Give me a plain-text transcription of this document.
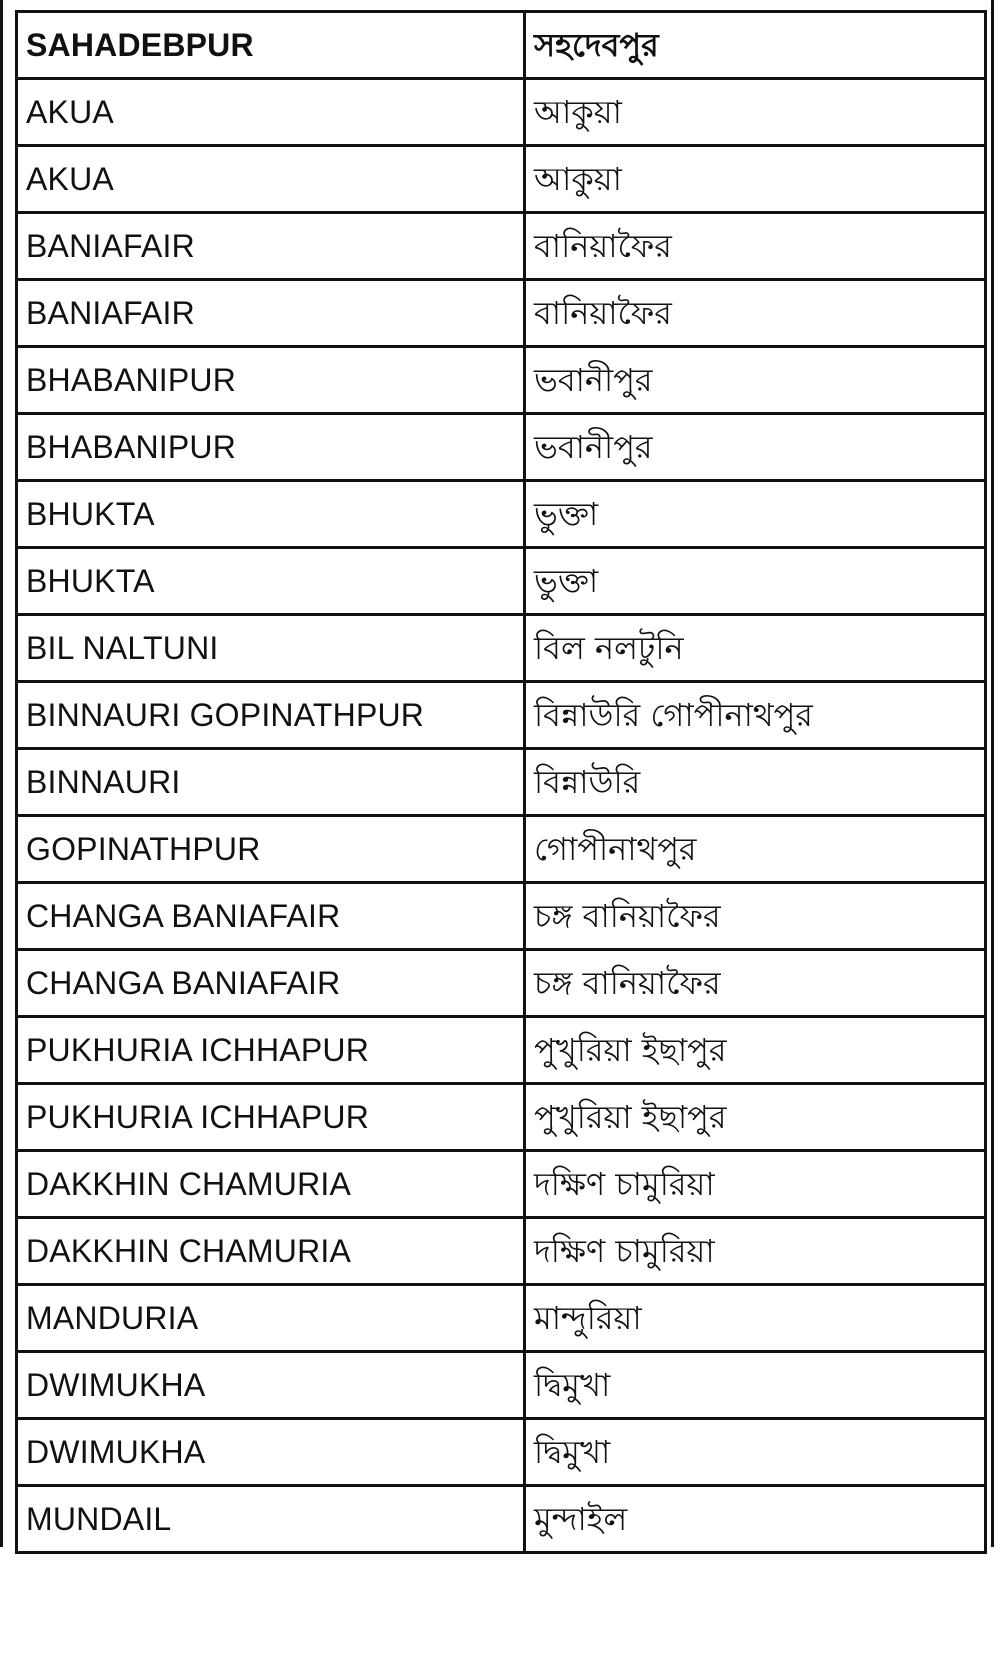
SAHADEBPUR	সহদেবপুর
AKUA	আকুয়া
AKUA	আকুয়া
BANIAFAIR	বানিয়াফৈর
BANIAFAIR	বানিয়াফৈর
BHABANIPUR	ভবানীপুর
BHABANIPUR	ভবানীপুর
BHUKTA	ভুক্তা
BHUKTA	ভুক্তা
BIL NALTUNI	বিল নলটুনি
BINNAURI GOPINATHPUR	বিন্নাউরি গোপীনাথপুর
BINNAURI	বিন্নাউরি
GOPINATHPUR	গোপীনাথপুর
CHANGA BANIAFAIR	চঙ্গ বানিয়াফৈর
CHANGA BANIAFAIR	চঙ্গ বানিয়াফৈর
PUKHURIA ICHHAPUR	পুখুরিয়া ইছাপুর
PUKHURIA ICHHAPUR	পুখুরিয়া ইছাপুর
DAKKHIN CHAMURIA	দক্ষিণ চামুরিয়া
DAKKHIN CHAMURIA	দক্ষিণ চামুরিয়া
MANDURIA	মান্দুরিয়া
DWIMUKHA	দ্বিমুখা
DWIMUKHA	দ্বিমুখা
MUNDAIL	মুন্দাইল
